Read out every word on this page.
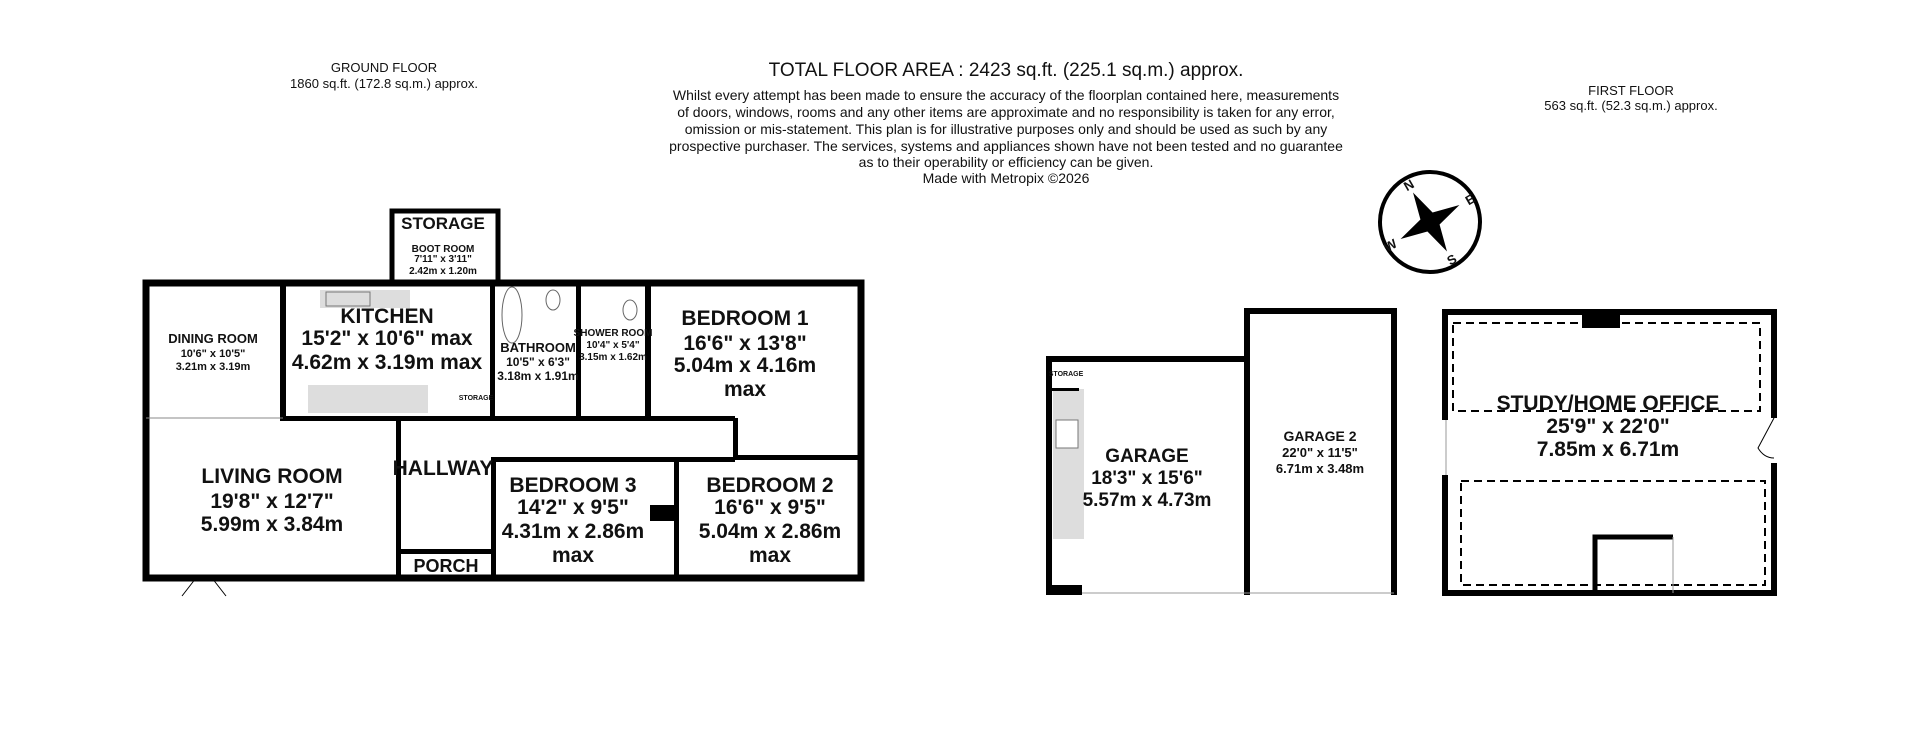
GROUND FLOOR
1860 sq.ft. (172.8 sq.m.) approx.
TOTAL FLOOR AREA : 2423 sq.ft. (225.1 sq.m.) approx.
Whilst every attempt has been made to ensure the accuracy of the floorplan contained here, measurements
of doors, windows, rooms and any other items are approximate and no responsibility is taken for any error,
omission or mis-statement. This plan is for illustrative purposes only and should be used as such by any
prospective purchaser. The services, systems and appliances shown have not been tested and no guarantee
as to their operability or efficiency can be given.
Made with Metropix ©2026
FIRST FLOOR
563 sq.ft. (52.3 sq.m.) approx.
N
E
S
W
STORAGE
BOOT ROOM
7'11" x 3'11"
2.42m x 1.20m
DINING ROOM
10'6" x 10'5"
3.21m x 3.19m
KITCHEN
15'2" x 10'6" max
4.62m x 3.19m max
BATHROOM
10'5" x 6'3"
3.18m x 1.91m
SHOWER ROOM
10'4" x 5'4"
3.15m x 1.62m
BEDROOM 1
16'6" x 13'8"
5.04m x 4.16m
max
LIVING ROOM
19'8" x 12'7"
5.99m x 3.84m
HALLWAY
STORAGE
BEDROOM 3
14'2" x 9'5"
4.31m x 2.86m
max
BEDROOM 2
16'6" x 9'5"
5.04m x 2.86m
max
PORCH
STORAGE
GARAGE
18'3" x 15'6"
5.57m x 4.73m
GARAGE 2
22'0" x 11'5"
6.71m x 3.48m
STUDY/HOME OFFICE
25'9" x 22'0"
7.85m x 6.71m
